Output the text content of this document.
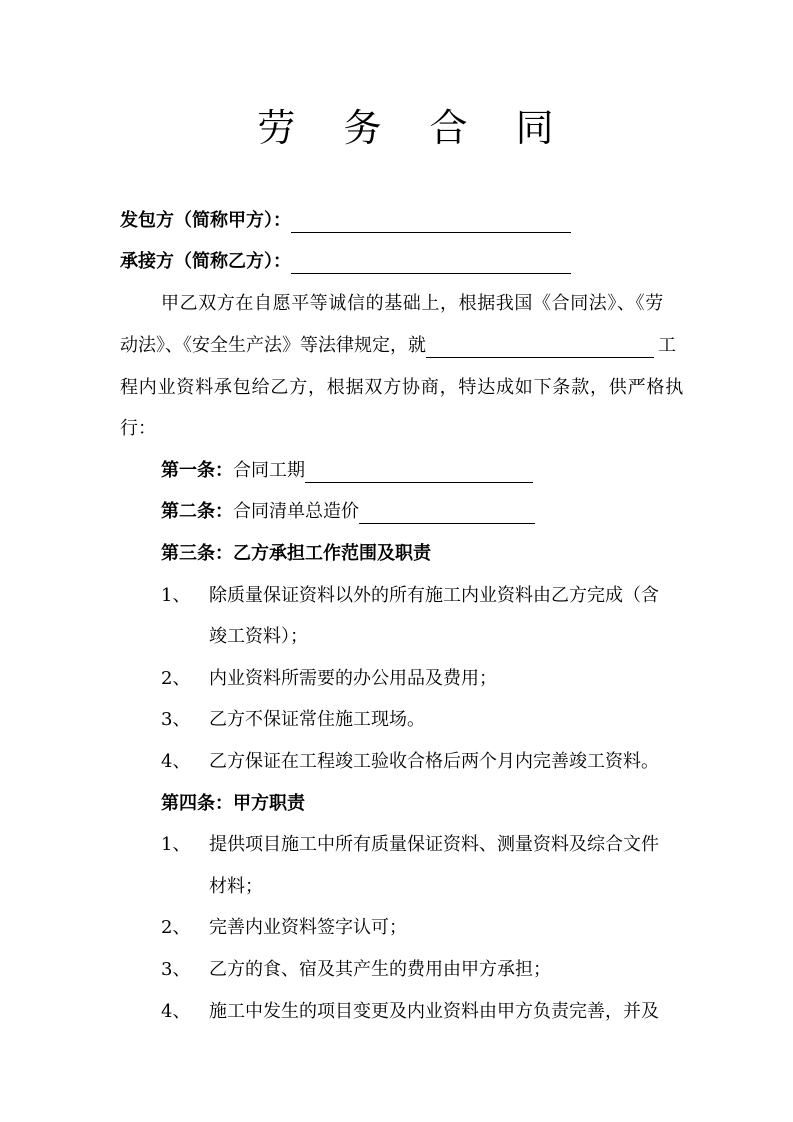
劳 务 合 同
发包方（简称甲方）：
承接方（简称乙方）：
甲乙双方在自愿平等诚信的基础上，根据我国《合同法》、《劳
动法》、《安全生产法》等法律规定，就	工
程内业资料承包给乙方，根据双方协商，特达成如下条款，供严格执
行：
第一条：合同工期
第二条：合同清单总造价
第三条：乙方承担工作范围及职责
1、 除质量保证资料以外的所有施工内业资料由乙方完成（含
竣工资料）；
2、 内业资料所需要的办公用品及费用；
3、 乙方不保证常住施工现场。
4、 乙方保证在工程竣工验收合格后两个月内完善竣工资料。
第四条：甲方职责
1、 提供项目施工中所有质量保证资料、测量资料及综合文件
材料；
2、 完善内业资料签字认可；
3、 乙方的食、宿及其产生的费用由甲方承担；
4、 施工中发生的项目变更及内业资料由甲方负责完善，并及
